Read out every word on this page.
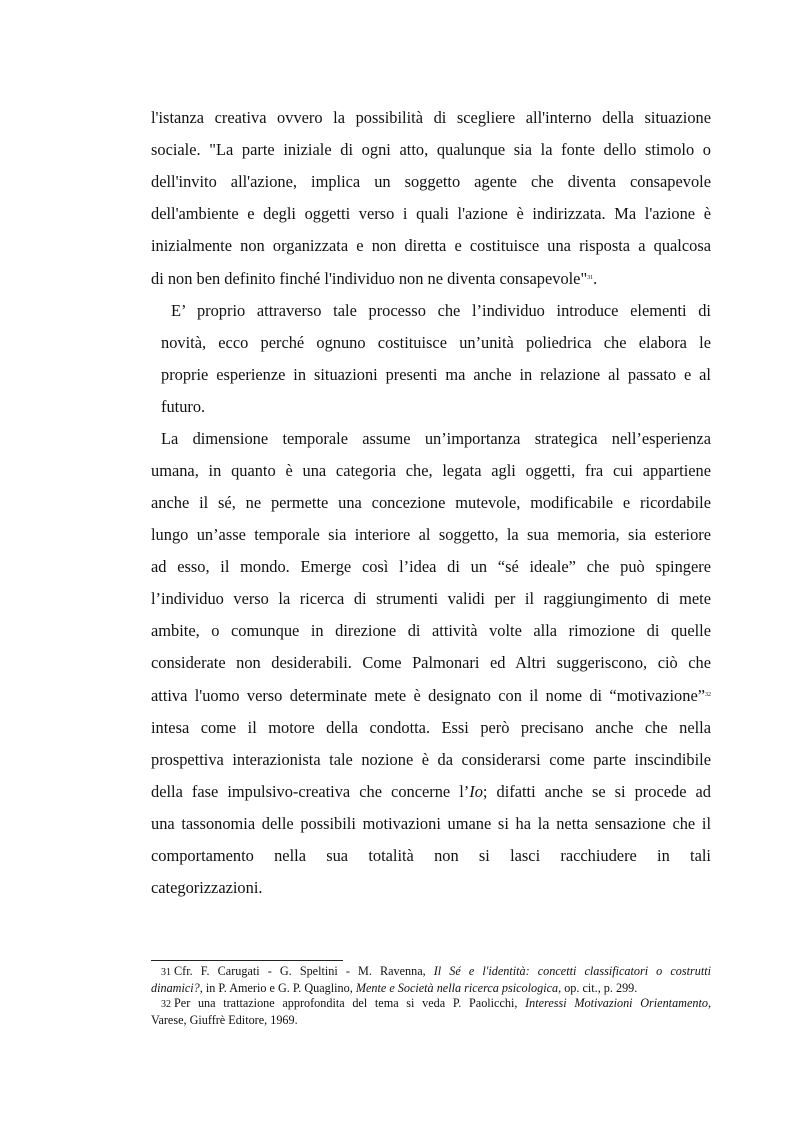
l'istanza creativa ovvero la possibilità di scegliere all'interno della situazione
sociale. "La parte iniziale di ogni atto, qualunque sia la fonte dello stimolo o
dell'invito all'azione, implica un soggetto agente che diventa consapevole
dell'ambiente e degli oggetti verso i quali l'azione è indirizzata. Ma l'azione è
inizialmente non organizzata e non diretta e costituisce una risposta a qualcosa
di non ben definito finché l'individuo non ne diventa consapevole"$^{31}$.

E’ proprio attraverso tale processo che l’individuo introduce elementi di
novità, ecco perché ognuno costituisce un’unità poliedrica che elabora le
proprie esperienze in situazioni presenti ma anche in relazione al passato e al
futuro.

La dimensione temporale assume un’importanza strategica nell’esperienza
umana, in quanto è una categoria che, legata agli oggetti, fra cui appartiene
anche il sé, ne permette una concezione mutevole, modificabile e ricordabile
lungo un’asse temporale sia interiore al soggetto, la sua memoria, sia esteriore
ad esso, il mondo. Emerge così l’idea di un “sé ideale” che può spingere
l’individuo verso la ricerca di strumenti validi per il raggiungimento di mete
ambite, o comunque in direzione di attività volte alla rimozione di quelle
considerate non desiderabili. Come Palmonari ed Altri suggeriscono, ciò che
attiva l'uomo verso determinate mete è designato con il nome di “motivazione”$^{32}$
intesa come il motore della condotta. Essi però precisano anche che nella
prospettiva interazionista tale nozione è da considerarsi come parte inscindibile
della fase impulsivo-creativa che concerne l’Io; difatti anche se si procede ad
una tassonomia delle possibili motivazioni umane si ha la netta sensazione che il
comportamento nella sua totalità non si lasci racchiudere in tali
categorizzazioni.

31 Cfr. F. Carugati - G. Speltini - M. Ravenna, Il Sé e l'identità: concetti classificatori o costrutti
dinamici?, in P. Amerio e G. P. Quaglino, Mente e Società nella ricerca psicologica, op. cit., p. 299.

32 Per una trattazione approfondita del tema si veda P. Paolicchi, Interessi Motivazioni Orientamento,
Varese, Giuffrè Editore, 1969.
